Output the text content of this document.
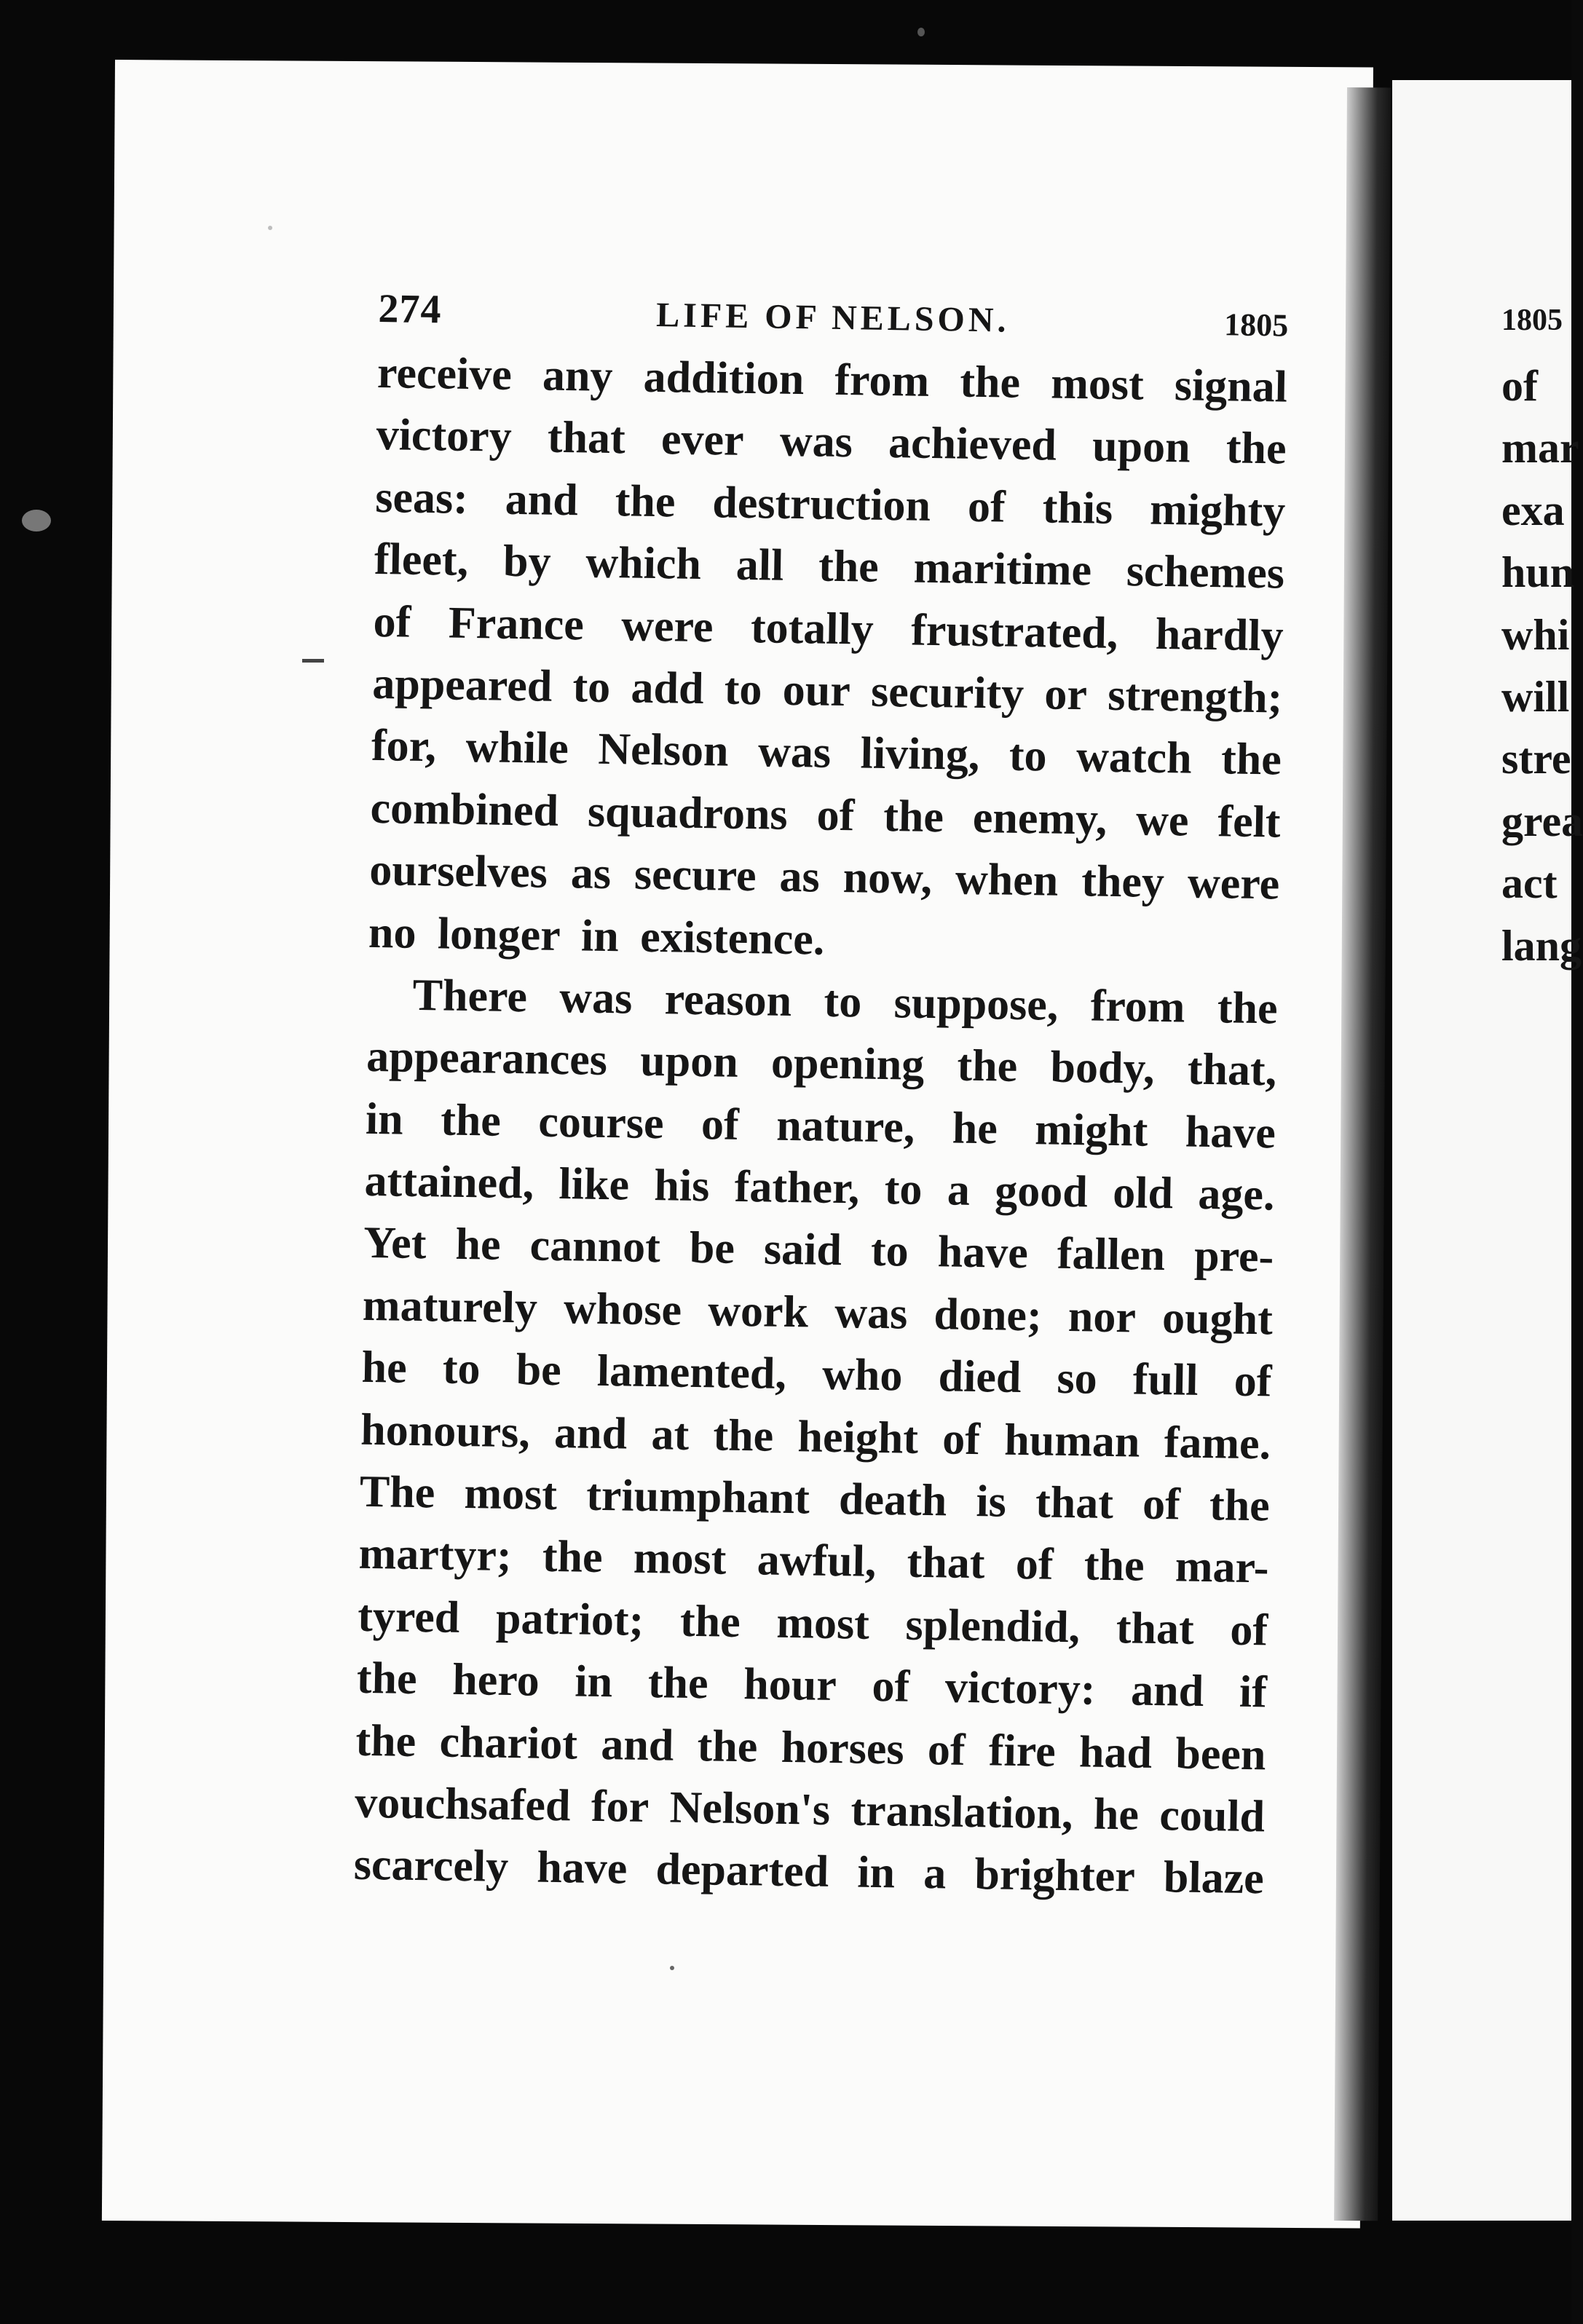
274	LIFE OF NELSON.	1805
receive any addition from the most signal
victory that ever was achieved upon the
seas: and the destruction of this mighty
fleet, by which all the maritime schemes
of France were totally frustrated, hardly
appeared to add to our security or strength;
for, while Nelson was living, to watch the
combined squadrons of the enemy, we felt
ourselves as secure as now, when they were
no longer in existence.
There was reason to suppose, from the
appearances upon opening the body, that,
in the course of nature, he might have
attained, like his father, to a good old age.
Yet he cannot be said to have fallen pre-
maturely whose work was done; nor ought
he to be lamented, who died so full of
honours, and at the height of human fame.
The most triumphant death is that of the
martyr; the most awful, that of the mar-
tyred patriot; the most splendid, that of
the hero in the hour of victory: and if
the chariot and the horses of fire had been
vouchsafed for Nelson's translation, he could
scarcely have departed in a brighter blaze
1805
of
mar
exa
hun
whi
will
stre
grea
act
lang
